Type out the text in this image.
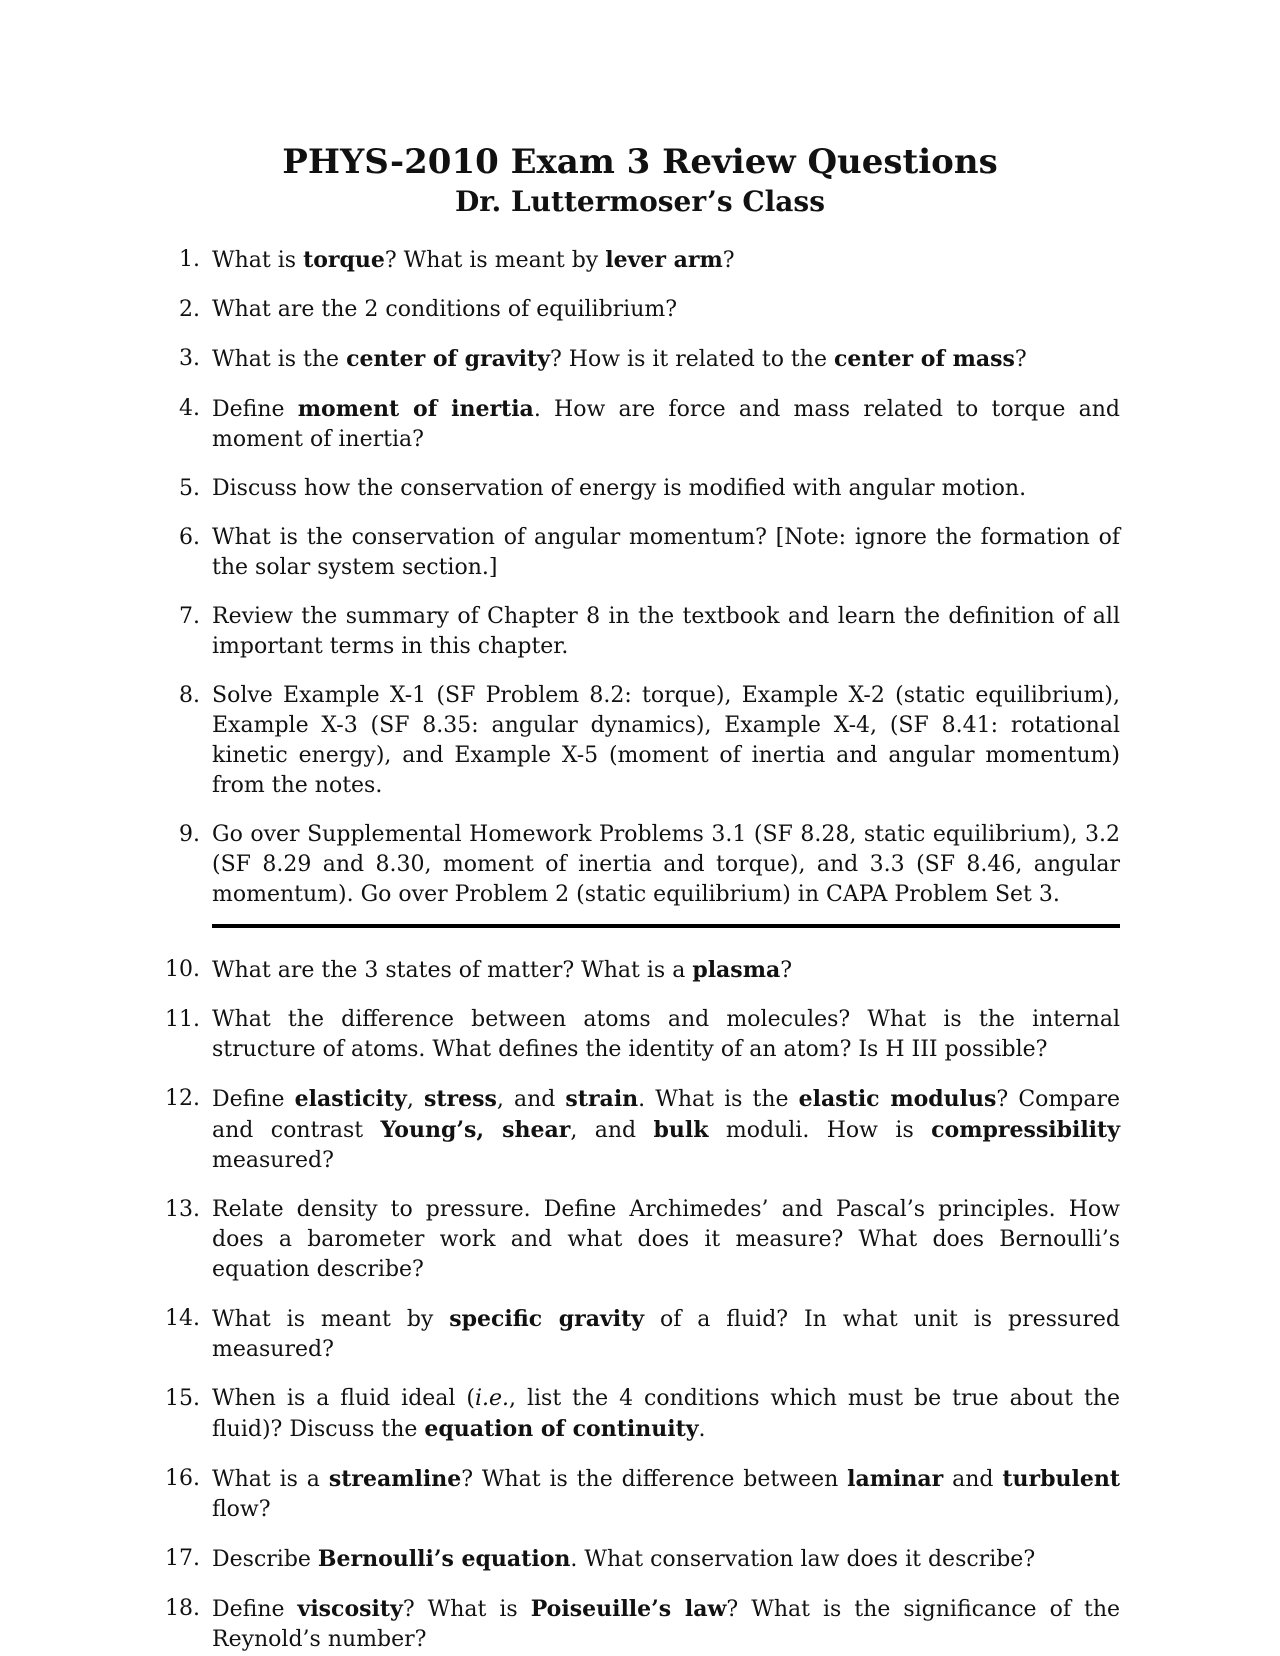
PHYS-2010 Exam 3 Review Questions
Dr. Luttermoser’s Class
1. What is torque? What is meant by lever arm?
2. What are the 2 conditions of equilibrium?
3. What is the center of gravity? How is it related to the center of mass?
4. Define moment of inertia. How are force and mass related to torque and moment of inertia?
5. Discuss how the conservation of energy is modified with angular motion.
6. What is the conservation of angular momentum? [Note: ignore the formation of the solar system section.]
7. Review the summary of Chapter 8 in the textbook and learn the definition of all important terms in this chapter.
8. Solve Example X-1 (SF Problem 8.2: torque), Example X-2 (static equilibrium), Example X-3 (SF 8.35: angular dynamics), Example X-4, (SF 8.41: rotational kinetic energy), and Example X-5 (moment of inertia and angular momentum) from the notes.
9. Go over Supplemental Homework Problems 3.1 (SF 8.28, static equilibrium), 3.2 (SF 8.29 and 8.30, moment of inertia and torque), and 3.3 (SF 8.46, angular momentum). Go over Problem 2 (static equilibrium) in CAPA Problem Set 3.
10. What are the 3 states of matter? What is a plasma?
11. What the difference between atoms and molecules? What is the internal structure of atoms. What defines the identity of an atom? Is H III possible?
12. Define elasticity, stress, and strain. What is the elastic modulus? Compare and contrast Young’s, shear, and bulk moduli. How is compressibility measured?
13. Relate density to pressure. Define Archimedes’ and Pascal’s principles. How does a barometer work and what does it measure? What does Bernoulli’s equation describe?
14. What is meant by specific gravity of a fluid? In what unit is pressured measured?
15. When is a fluid ideal (i.e., list the 4 conditions which must be true about the fluid)? Discuss the equation of continuity.
16. What is a streamline? What is the difference between laminar and turbulent flow?
17. Describe Bernoulli’s equation. What conservation law does it describe?
18. Define viscosity? What is Poiseuille’s law? What is the significance of the Reynold’s number?
